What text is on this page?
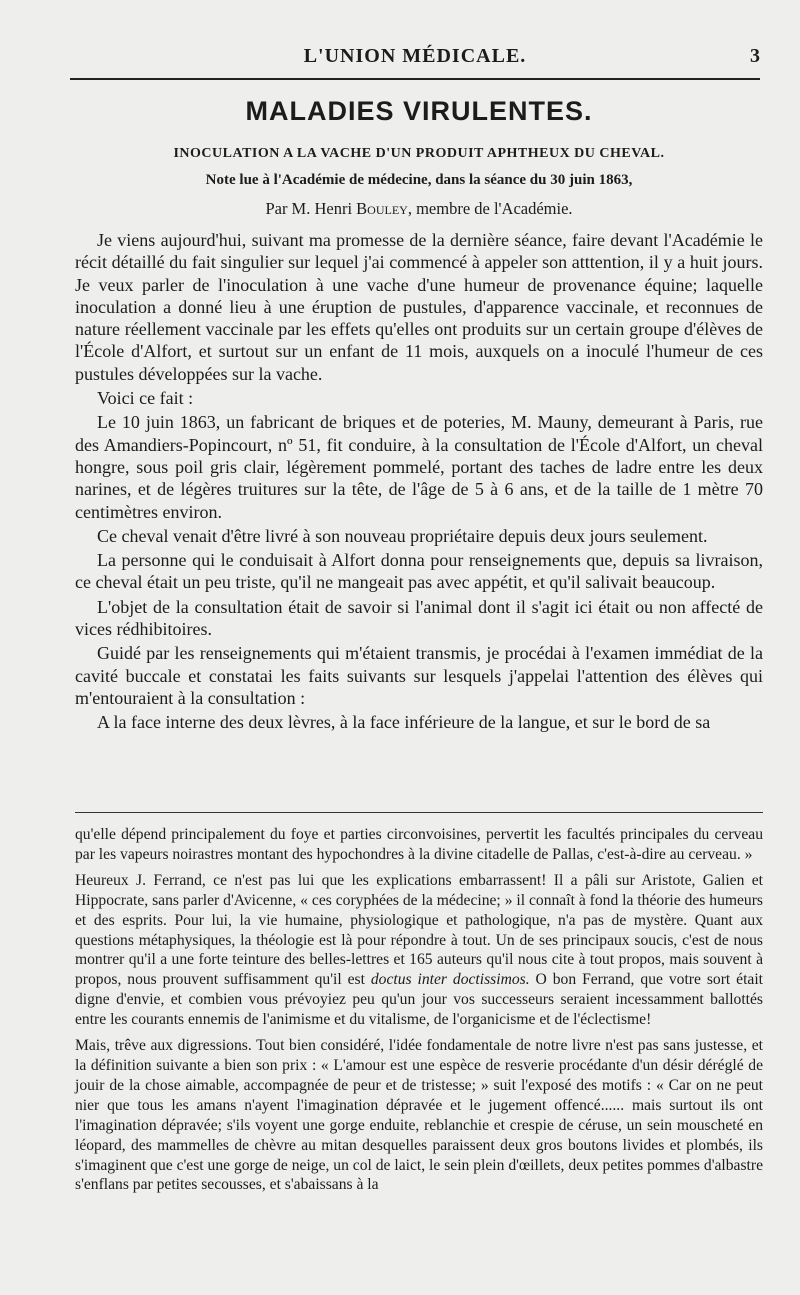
L'UNION MÉDICALE.	3
MALADIES VIRULENTES.
INOCULATION A LA VACHE D'UN PRODUIT APHTHEUX DU CHEVAL.
Note lue à l'Académie de médecine, dans la séance du 30 juin 1863,
Par M. Henri Bouley, membre de l'Académie.

Je viens aujourd'hui, suivant ma promesse de la dernière séance, faire devant l'Académie le récit détaillé du fait singulier sur lequel j'ai commencé à appeler son atttention, il y a huit jours. Je veux parler de l'inoculation à une vache d'une humeur de provenance équine; laquelle inoculation a donné lieu à une éruption de pustules, d'apparence vaccinale, et reconnues de nature réellement vaccinale par les effets qu'elles ont produits sur un certain groupe d'élèves de l'École d'Alfort, et surtout sur un enfant de 11 mois, auxquels on a inoculé l'humeur de ces pustules développées sur la vache.

Voici ce fait :

Le 10 juin 1863, un fabricant de briques et de poteries, M. Mauny, demeurant à Paris, rue des Amandiers-Popincourt, nº 51, fit conduire, à la consultation de l'École d'Alfort, un cheval hongre, sous poil gris clair, légèrement pommelé, portant des taches de ladre entre les deux narines, et de légères truitures sur la tête, de l'âge de 5 à 6 ans, et de la taille de 1 mètre 70 centimètres environ.

Ce cheval venait d'être livré à son nouveau propriétaire depuis deux jours seulement.

La personne qui le conduisait à Alfort donna pour renseignements que, depuis sa livraison, ce cheval était un peu triste, qu'il ne mangeait pas avec appétit, et qu'il salivait beaucoup.

L'objet de la consultation était de savoir si l'animal dont il s'agit ici était ou non affecté de vices rédhibitoires.

Guidé par les renseignements qui m'étaient transmis, je procédai à l'examen immédiat de la cavité buccale et constatai les faits suivants sur lesquels j'appelai l'attention des élèves qui m'entouraient à la consultation :

A la face interne des deux lèvres, à la face inférieure de la langue, et sur le bord de sa

qu'elle dépend principalement du foye et parties circonvoisines, pervertit les facultés principales du cerveau par les vapeurs noirastres montant des hypochondres à la divine citadelle de Pallas, c'est-à-dire au cerveau. »

Heureux J. Ferrand, ce n'est pas lui que les explications embarrassent! Il a pâli sur Aristote, Galien et Hippocrate, sans parler d'Avicenne, « ces coryphées de la médecine; » il connaît à fond la théorie des humeurs et des esprits. Pour lui, la vie humaine, physiologique et pathologique, n'a pas de mystère. Quant aux questions métaphysiques, la théologie est là pour répondre à tout. Un de ses principaux soucis, c'est de nous montrer qu'il a une forte teinture des belles-lettres et 165 auteurs qu'il nous cite à tout propos, mais souvent à propos, nous prouvent suffisamment qu'il est doctus inter doctissimos. O bon Ferrand, que votre sort était digne d'envie, et combien vous prévoyiez peu qu'un jour vos successeurs seraient incessamment ballottés entre les courants ennemis de l'animisme et du vitalisme, de l'organicisme et de l'éclectisme!

Mais, trêve aux digressions. Tout bien considéré, l'idée fondamentale de notre livre n'est pas sans justesse, et la définition suivante a bien son prix : « L'amour est une espèce de resverie procédante d'un désir déréglé de jouir de la chose aimable, accompagnée de peur et de tristesse; » suit l'exposé des motifs : « Car on ne peut nier que tous les amans n'ayent l'imagination dépravée et le jugement offencé...... mais surtout ils ont l'imagination dépravée; s'ils voyent une gorge enduite, reblanchie et crespie de céruse, un sein mouscheté en léopard, des mammelles de chèvre au mitan desquelles paraissent deux gros boutons livides et plombés, ils s'imaginent que c'est une gorge de neige, un col de laict, le sein plein d'œillets, deux petites pommes d'albastre s'enflans par petites secousses, et s'abaissans à la
